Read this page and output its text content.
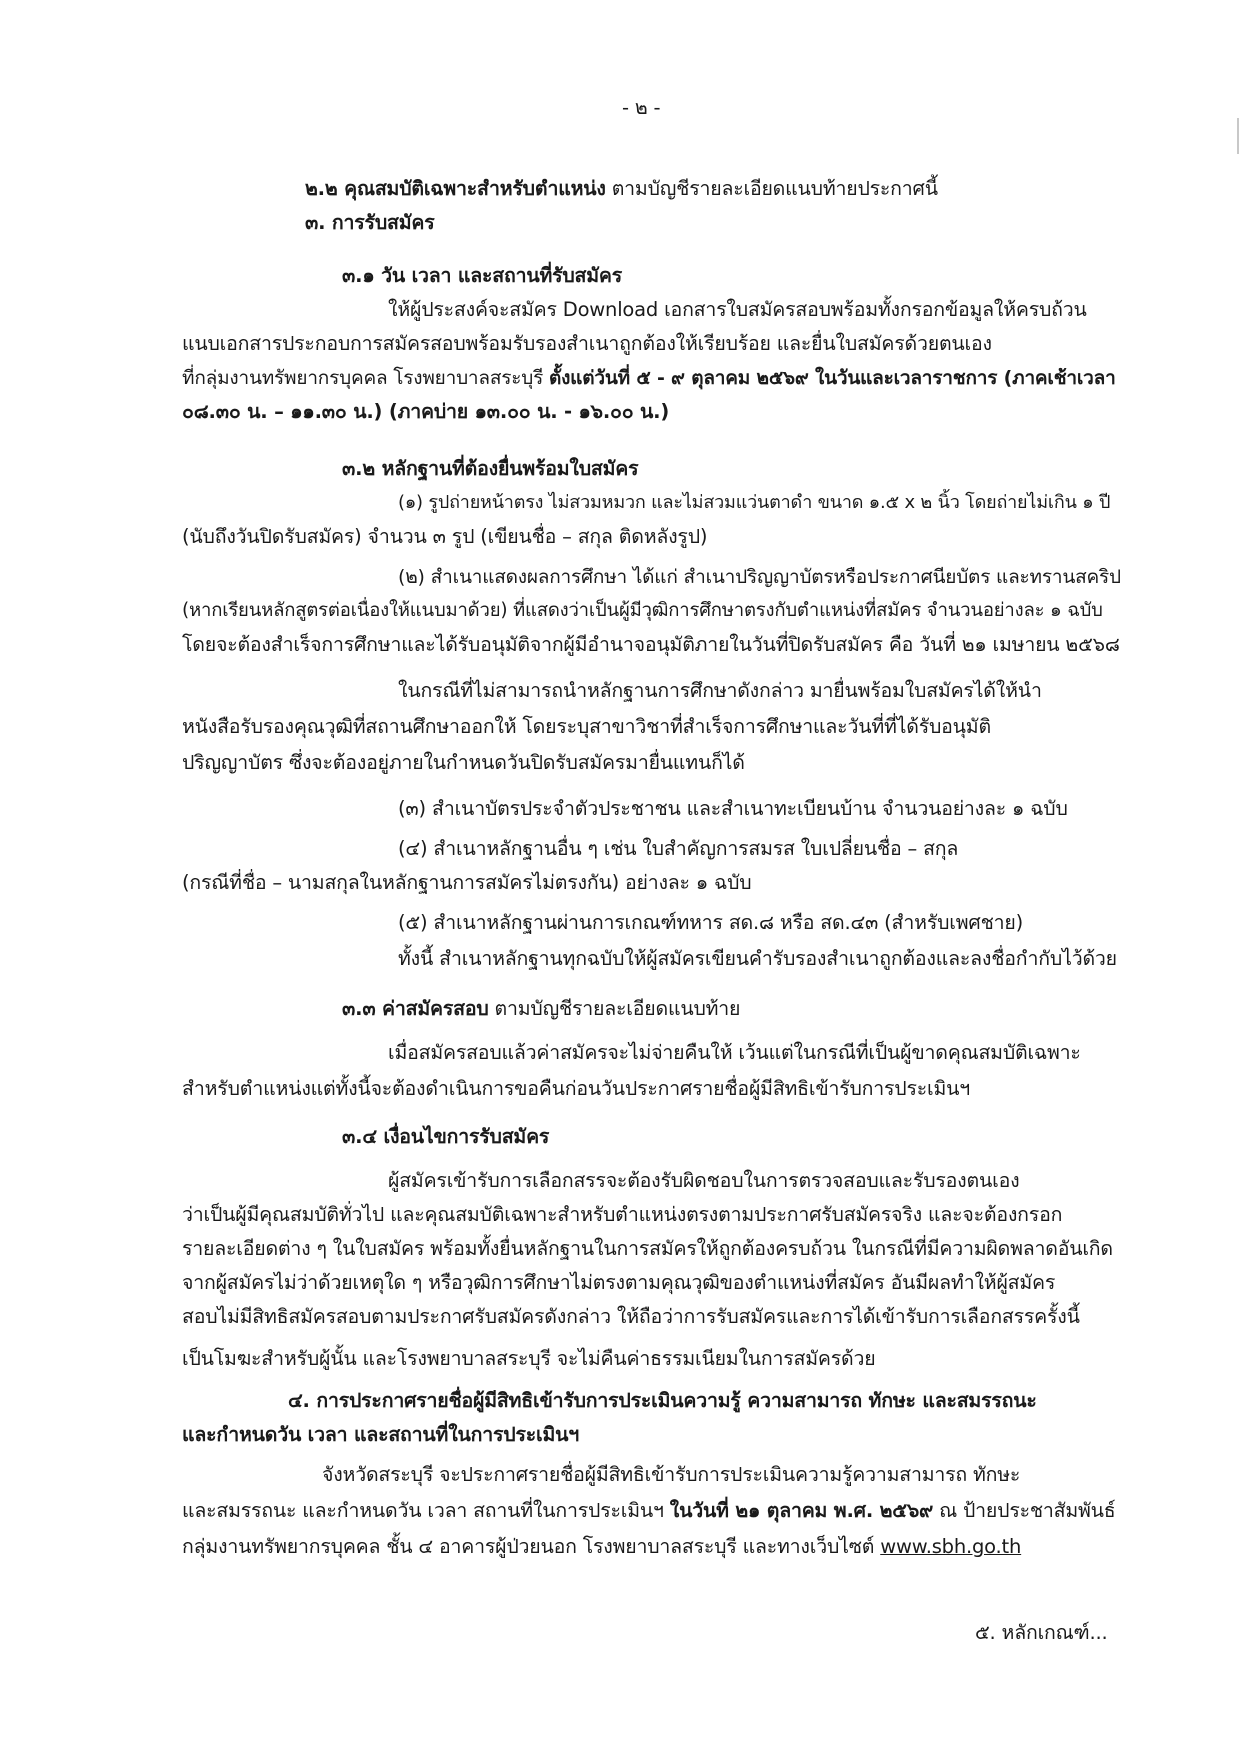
- ๒ -
๒.๒ คุณสมบัติเฉพาะสำหรับตำแหน่ง ตามบัญชีรายละเอียดแนบท้ายประกาศนี้
๓. การรับสมัคร
๓.๑ วัน เวลา และสถานที่รับสมัคร
ให้ผู้ประสงค์จะสมัคร Download เอกสารใบสมัครสอบพร้อมทั้งกรอกข้อมูลให้ครบถ้วน
แนบเอกสารประกอบการสมัครสอบพร้อมรับรองสำเนาถูกต้องให้เรียบร้อย และยื่นใบสมัครด้วยตนเอง
ที่กลุ่มงานทรัพยากรบุคคล โรงพยาบาลสระบุรี ตั้งแต่วันที่ ๕ - ๙ ตุลาคม ๒๕๖๙ ในวันและเวลาราชการ (ภาคเช้าเวลา
๐๘.๓๐ น. – ๑๑.๓๐ น.) (ภาคบ่าย ๑๓.๐๐ น. - ๑๖.๐๐ น.)
๓.๒ หลักฐานที่ต้องยื่นพร้อมใบสมัคร
(๑) รูปถ่ายหน้าตรง ไม่สวมหมวก และไม่สวมแว่นตาดำ ขนาด ๑.๕ x ๒ นิ้ว โดยถ่ายไม่เกิน ๑ ปี
(นับถึงวันปิดรับสมัคร) จำนวน ๓ รูป (เขียนชื่อ – สกุล ติดหลังรูป)
(๒) สำเนาแสดงผลการศึกษา ได้แก่ สำเนาปริญญาบัตรหรือประกาศนียบัตร และทรานสคริป
(หากเรียนหลักสูตรต่อเนื่องให้แนบมาด้วย) ที่แสดงว่าเป็นผู้มีวุฒิการศึกษาตรงกับตำแหน่งที่สมัคร จำนวนอย่างละ ๑ ฉบับ
โดยจะต้องสำเร็จการศึกษาและได้รับอนุมัติจากผู้มีอำนาจอนุมัติภายในวันที่ปิดรับสมัคร คือ วันที่ ๒๑ เมษายน ๒๕๖๘
ในกรณีที่ไม่สามารถนำหลักฐานการศึกษาดังกล่าว มายื่นพร้อมใบสมัครได้ให้นำ
หนังสือรับรองคุณวุฒิที่สถานศึกษาออกให้ โดยระบุสาขาวิชาที่สำเร็จการศึกษาและวันที่ที่ได้รับอนุมัติ
ปริญญาบัตร ซึ่งจะต้องอยู่ภายในกำหนดวันปิดรับสมัครมายื่นแทนก็ได้
(๓) สำเนาบัตรประจำตัวประชาชน และสำเนาทะเบียนบ้าน จำนวนอย่างละ ๑ ฉบับ
(๔) สำเนาหลักฐานอื่น ๆ เช่น ใบสำคัญการสมรส ใบเปลี่ยนชื่อ – สกุล
(กรณีที่ชื่อ – นามสกุลในหลักฐานการสมัครไม่ตรงกัน) อย่างละ ๑ ฉบับ
(๕) สำเนาหลักฐานผ่านการเกณฑ์ทหาร สด.๘ หรือ สด.๔๓ (สำหรับเพศชาย)
ทั้งนี้ สำเนาหลักฐานทุกฉบับให้ผู้สมัครเขียนคำรับรองสำเนาถูกต้องและลงชื่อกำกับไว้ด้วย
๓.๓ ค่าสมัครสอบ ตามบัญชีรายละเอียดแนบท้าย
เมื่อสมัครสอบแล้วค่าสมัครจะไม่จ่ายคืนให้ เว้นแต่ในกรณีที่เป็นผู้ขาดคุณสมบัติเฉพาะ
สำหรับตำแหน่งแต่ทั้งนี้จะต้องดำเนินการขอคืนก่อนวันประกาศรายชื่อผู้มีสิทธิเข้ารับการประเมินฯ
๓.๔ เงื่อนไขการรับสมัคร
ผู้สมัครเข้ารับการเลือกสรรจะต้องรับผิดชอบในการตรวจสอบและรับรองตนเอง
ว่าเป็นผู้มีคุณสมบัติทั่วไป และคุณสมบัติเฉพาะสำหรับตำแหน่งตรงตามประกาศรับสมัครจริง และจะต้องกรอก
รายละเอียดต่าง ๆ ในใบสมัคร พร้อมทั้งยื่นหลักฐานในการสมัครให้ถูกต้องครบถ้วน ในกรณีที่มีความผิดพลาดอันเกิด
จากผู้สมัครไม่ว่าด้วยเหตุใด ๆ หรือวุฒิการศึกษาไม่ตรงตามคุณวุฒิของตำแหน่งที่สมัคร อันมีผลทำให้ผู้สมัคร
สอบไม่มีสิทธิสมัครสอบตามประกาศรับสมัครดังกล่าว ให้ถือว่าการรับสมัครและการได้เข้ารับการเลือกสรรครั้งนี้
เป็นโมฆะสำหรับผู้นั้น และโรงพยาบาลสระบุรี จะไม่คืนค่าธรรมเนียมในการสมัครด้วย
๔. การประกาศรายชื่อผู้มีสิทธิเข้ารับการประเมินความรู้ ความสามารถ ทักษะ และสมรรถนะ
และกำหนดวัน เวลา และสถานที่ในการประเมินฯ
จังหวัดสระบุรี จะประกาศรายชื่อผู้มีสิทธิเข้ารับการประเมินความรู้ความสามารถ ทักษะ
และสมรรถนะ และกำหนดวัน เวลา สถานที่ในการประเมินฯ ในวันที่ ๒๑ ตุลาคม พ.ศ. ๒๕๖๙ ณ ป้ายประชาสัมพันธ์
กลุ่มงานทรัพยากรบุคคล ชั้น ๔ อาคารผู้ป่วยนอก โรงพยาบาลสระบุรี และทางเว็บไซต์ www.sbh.go.th
๕. หลักเกณฑ์...
